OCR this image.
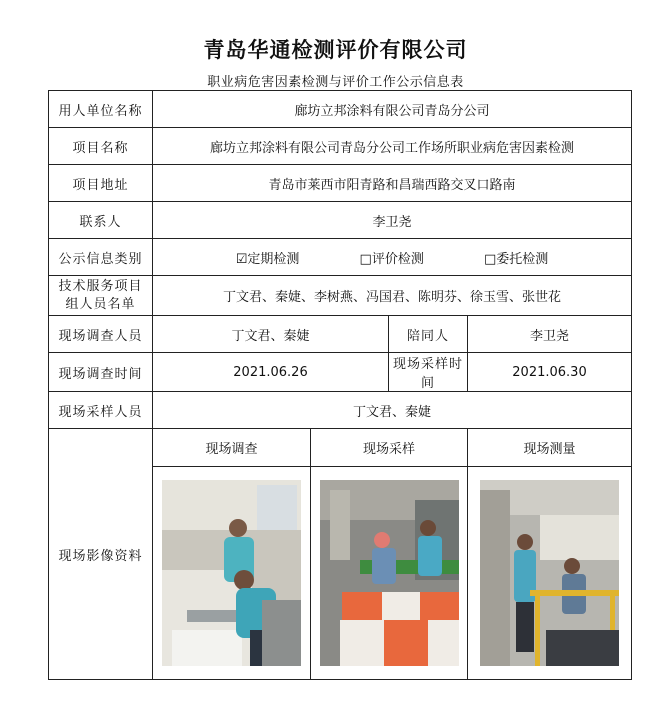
青岛华通检测评价有限公司
职业病危害因素检测与评价工作公示信息表
用人单位名称	廊坊立邦涂料有限公司青岛分公司			
项目名称	廊坊立邦涂料有限公司青岛分公司工作场所职业病危害因素检测			
项目地址	青岛市莱西市阳青路和昌瑞西路交叉口路南			
联系人	李卫尧			
公示信息类别	☑定期检测 □评价检测 □委托检测			

技术服务项目
组人员名单	丁文君、秦婕、李树燕、冯国君、陈明芬、徐玉雪、张世花			
现场调查人员	丁文君、秦婕		陪同人	李卫尧
现场调查时间	2021.06.26		现场采样时间	2021.06.30
现场采样人员	丁文君、秦婕			
现场影像资料	现场调查	现场采样		现场测量
